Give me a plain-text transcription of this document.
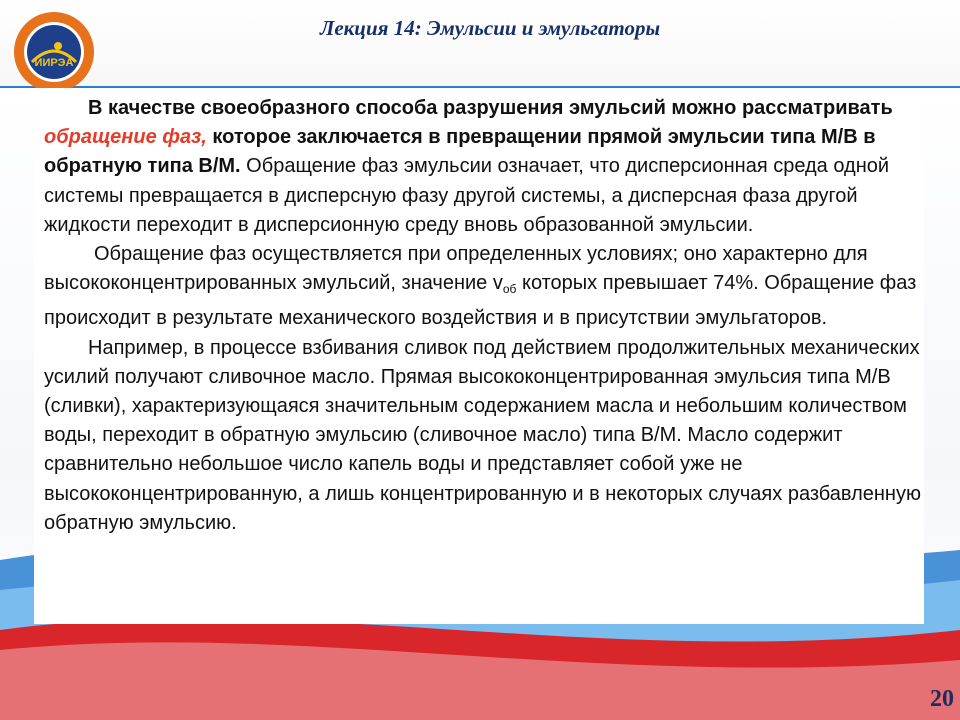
ИИРЭА
Лекция 14: Эмульсии и эмульгаторы

В качестве своеобразного способа разрушения эмульсий можно рассматривать обращение фаз, которое заключается в превращении прямой эмульсии типа М/В в обратную типа В/М. Обращение фаз эмульсии означает, что дисперсионная среда одной системы превращается в дисперсную фазу другой системы, а дисперсная фаза другой жидкости переходит в дисперсионную среду вновь образованной эмульсии.

Обращение фаз осуществляется при определенных условиях; оно характерно для высококонцентрированных эмульсий, значение $v_{об}$ которых превышает 74%. Обращение фаз происходит в результате механического воздействия и в присутствии эмульгаторов.

Например, в процессе взбивания сливок под действием продолжительных механических усилий получают сливочное масло. Прямая высококонцентрированная эмульсия типа М/В (сливки), характеризующаяся значительным содержанием масла и небольшим количеством воды, переходит в обратную эмульсию (сливочное масло) типа В/М. Масло содержит сравнительно небольшое число капель воды и представляет собой уже не высококонцентрированную, а лишь концентрированную и в некоторых случаях разбавленную обратную эмульсию.

20
